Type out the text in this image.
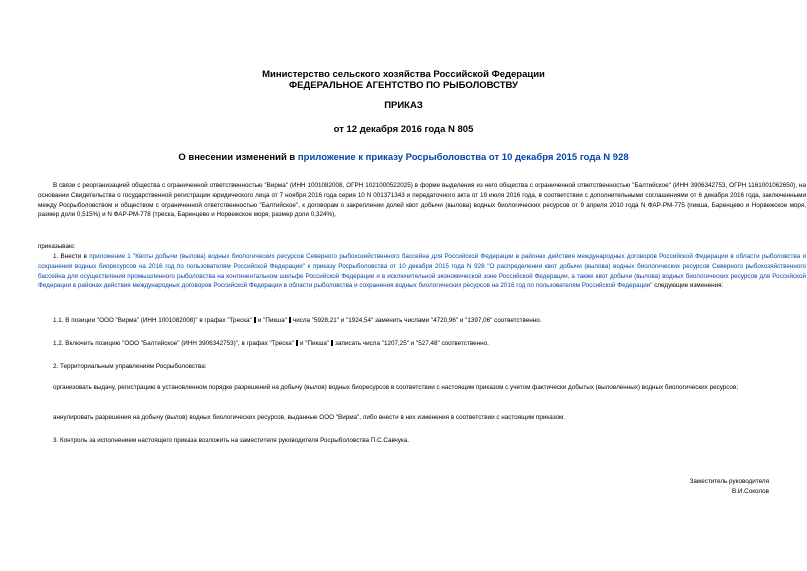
Министерство сельского хозяйства Российской Федерации
ФЕДЕРАЛЬНОЕ АГЕНТСТВО ПО РЫБОЛОВСТВУ
ПРИКАЗ
от 12 декабря 2016 года N 805
О внесении изменений в приложение к приказу Росрыболовства от 10 декабря 2015 года N 928
В связи с реорганизацией общества с ограниченной ответственностью "Вирма" (ИНН 1001082008, ОГРН 1021000522025) в форме выделения из него общества с ограниченной ответственностью "Балтийское" (ИНН 3906342753, ОГРН 1161001062650), на основании Свидетельства о государственной регистрации юридического лица от 7 ноября 2016 года серия 10 N 001371343 и передаточного акта от 19 июля 2016 года, в соответствии с дополнительными соглашениями от 6 декабря 2016 года, заключенными между Росрыболовством и обществом с ограниченной ответственностью "Балтийское", к договорам о закреплении долей квот добычи (вылова) водных биологических ресурсов от 9 апреля 2010 года N ФАР-РМ-775 (пикша, Баренцево и Норвежское моря, размер доли 0,515%) и N ФАР-РМ-778 (треска, Баренцево и Норвежское моря, размер доли 0,324%),
приказываю:
1. Внести в приложение 1 "Квоты добычи (вылова) водных биологических ресурсов Северного рыбохозяйственного бассейна для Российской Федерации в районах действия международных договоров Российской Федерации в области рыболовства и сохранения водных биоресурсов на 2016 год по пользователям Российской Федерации" к приказу Росрыболовства от 10 декабря 2015 года N 928 "О распределении квот добычи (вылова) водных биологических ресурсов Северного рыбохозяйственного бассейна для осуществления промышленного рыболовства на континентальном шельфе Российской Федерации и в исключительной экономической зоне Российской Федерации, а также квот добычи (вылова) водных биологических ресурсов для Российской Федерации в районах действия международных договоров Российской Федерации в области рыболовства и сохранения водных биологических ресурсов на 2016 год по пользователям Российской Федерации" следующие изменения:
1.1. В позиции "ООО "Вирма" (ИНН 1001082008)" в графах "Треска" и "Пикша" числа "5928,21" и "1924,54" заменить числами "4720,96" и "1397,06" соответственно.
1.2. Включить позицию "ООО "Балтийское" (ИНН 3906342753)", в графах "Треска" и "Пикша" записать числа "1207,25" и "527,48" соответственно.
2. Территориальным управлениям Росрыболовства:
организовать выдачу, регистрацию в установленном порядке разрешений на добычу (вылов) водных биоресурсов в соответствии с настоящим приказом с учетом фактически добытых (выловленных) водных биологических ресурсов;
аннулировать разрешения на добычу (вылов) водных биологических ресурсов, выданные ООО "Вирма", либо внести в них изменения в соответствии с настоящим приказом.
3. Контроль за исполнением настоящего приказа возложить на заместителя руководителя Росрыболовства П.С.Савчука.
Заместитель руководителя
В.И.Соколов
